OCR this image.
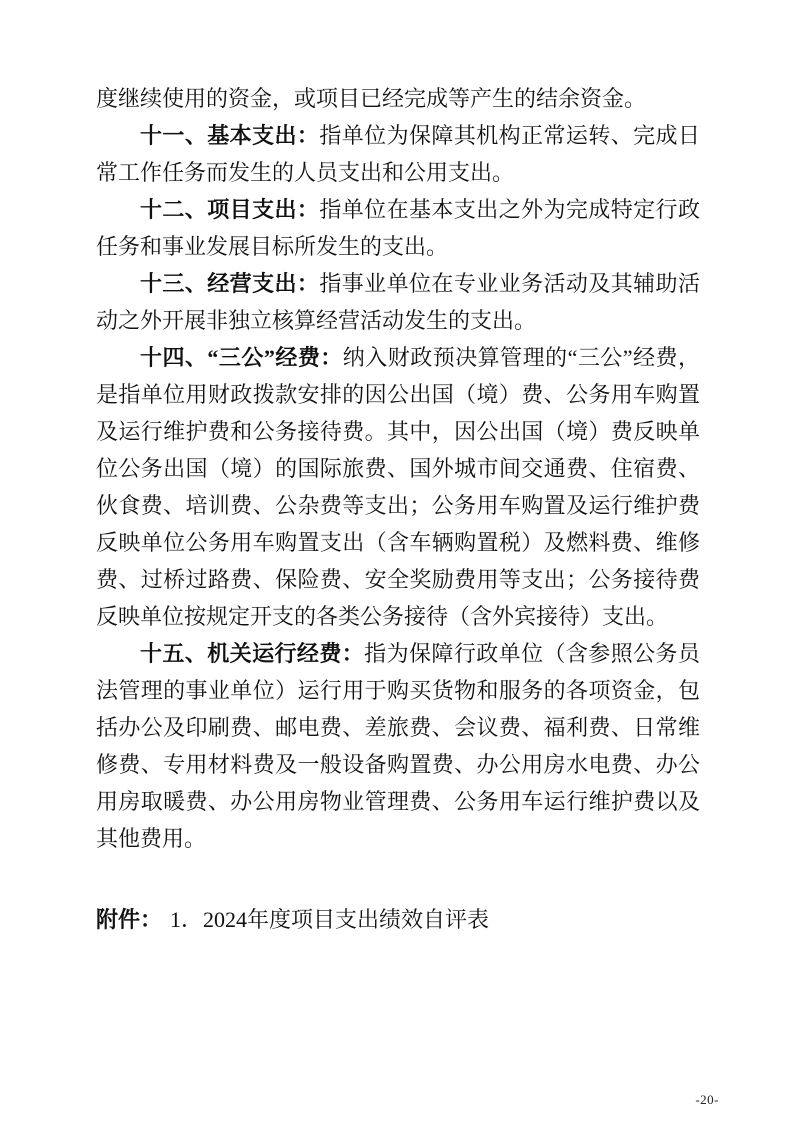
度继续使用的资金，或项目已经完成等产生的结余资金。

十一、基本支出：指单位为保障其机构正常运转、完成日常工作任务而发生的人员支出和公用支出。

十二、项目支出：指单位在基本支出之外为完成特定行政任务和事业发展目标所发生的支出。

十三、经营支出：指事业单位在专业业务活动及其辅助活动之外开展非独立核算经营活动发生的支出。

十四、“三公”经费：纳入财政预决算管理的“三公”经费，是指单位用财政拨款安排的因公出国（境）费、公务用车购置及运行维护费和公务接待费。其中，因公出国（境）费反映单位公务出国（境）的国际旅费、国外城市间交通费、住宿费、伙食费、培训费、公杂费等支出；公务用车购置及运行维护费反映单位公务用车购置支出（含车辆购置税）及燃料费、维修费、过桥过路费、保险费、安全奖励费用等支出；公务接待费反映单位按规定开支的各类公务接待（含外宾接待）支出。

十五、机关运行经费：指为保障行政单位（含参照公务员法管理的事业单位）运行用于购买货物和服务的各项资金，包括办公及印刷费、邮电费、差旅费、会议费、福利费、日常维修费、专用材料费及一般设备购置费、办公用房水电费、办公用房取暖费、办公用房物业管理费、公务用车运行维护费以及其他费用。

附件： 1．2024年度项目支出绩效自评表

-20-
